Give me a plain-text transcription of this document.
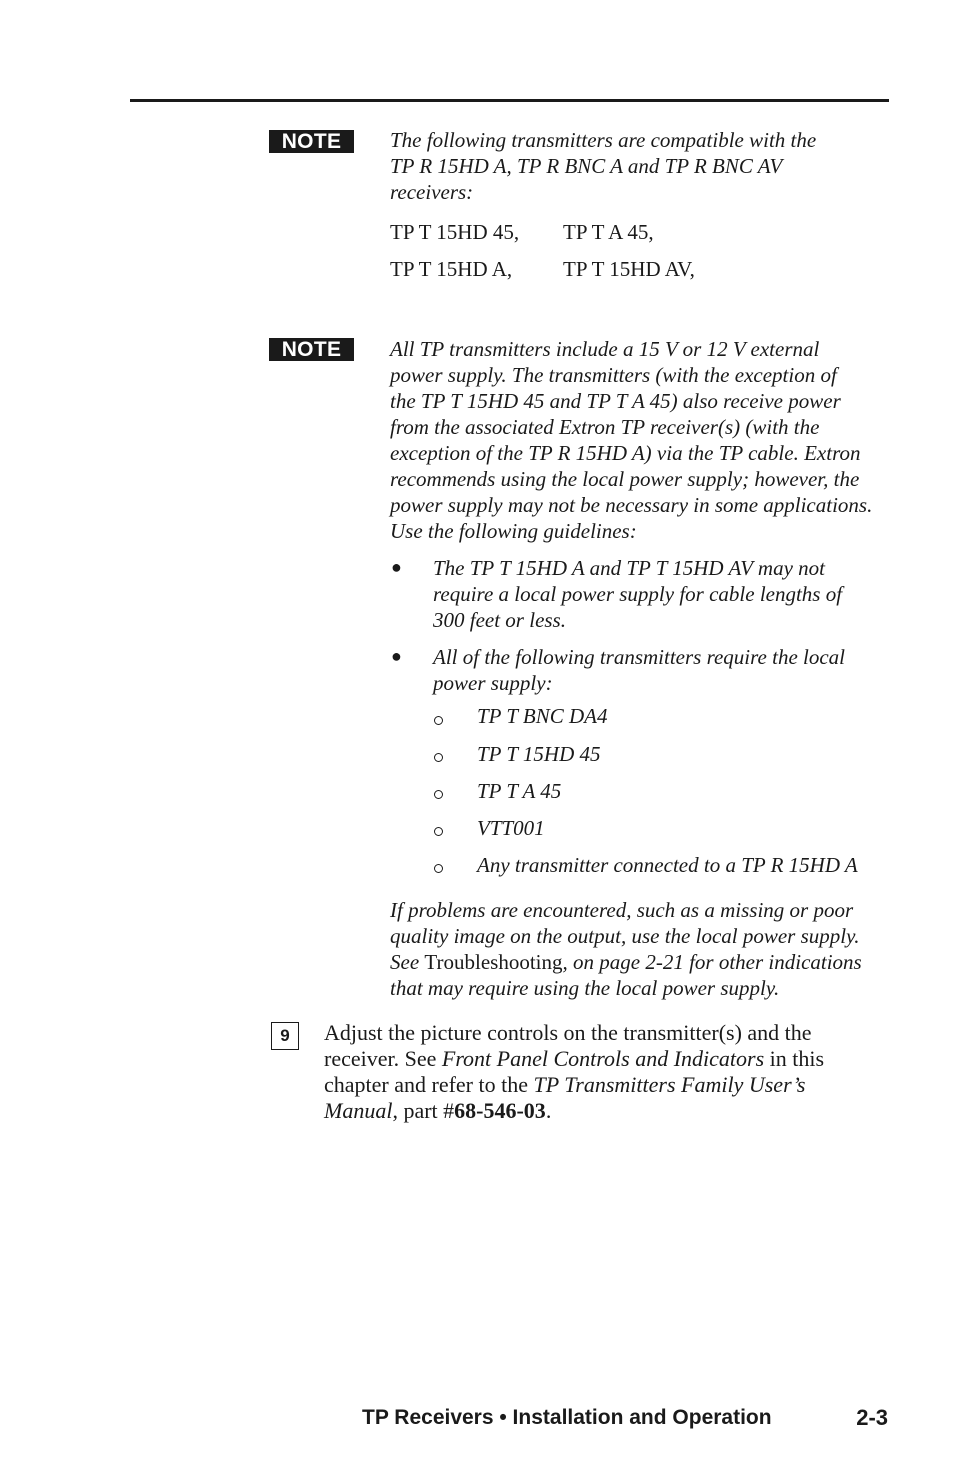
NOTE	The following transmitters are compatible with the
TP R 15HD A, TP R BNC A and TP R BNC AV
receivers:
TP T 15HD 45, TP T A 45,
TP T 15HD A, TP T 15HD AV,
NOTE	All TP transmitters include a 15 V or 12 V external
power supply. The transmitters (with the exception of
the TP T 15HD 45 and TP T A 45) also receive power
from the associated Extron TP receiver(s) (with the
exception of the TP R 15HD A) via the TP cable. Extron
recommends using the local power supply; however, the
power supply may not be necessary in some applications.
Use the following guidelines:
● The TP T 15HD A and TP T 15HD AV may not
require a local power supply for cable lengths of
300 feet or less.
● All of the following transmitters require the local
power supply:
TP T BNC DA4
TP T 15HD 45
TP T A 45
VTT001
Any transmitter connected to a TP R 15HD A
If problems are encountered, such as a missing or poor
quality image on the output, use the local power supply.
See Troubleshooting, on page 2-21 for other indications
that may require using the local power supply.
9	Adjust the picture controls on the transmitter(s) and the
receiver. See Front Panel Controls and Indicators in this
chapter and refer to the TP Transmitters Family User’s
Manual, part #68-546-03.
TP Receivers • Installation and Operation	2-3
